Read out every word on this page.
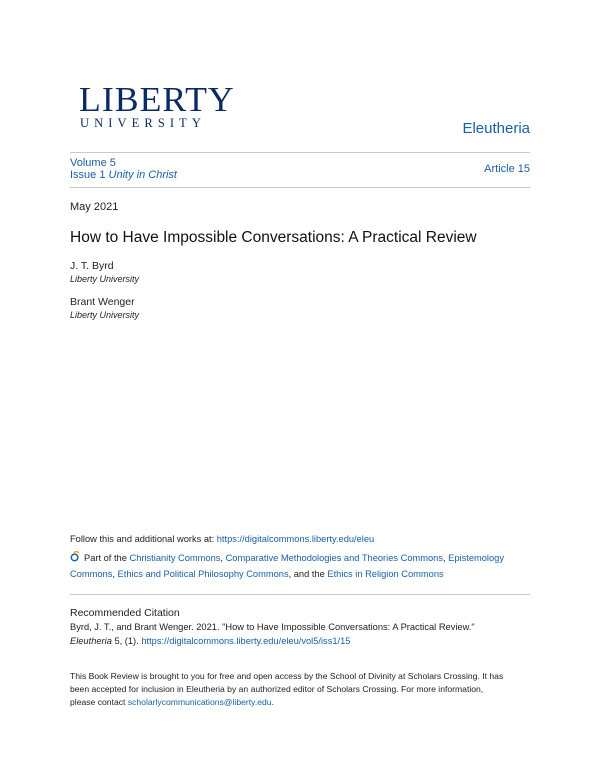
LIBERTY
UNIVERSITY	Eleutheria
Volume 5
Issue 1 Unity in Christ	Article 15
May 2021
How to Have Impossible Conversations: A Practical Review
J. T. Byrd
Liberty University
Brant Wenger
Liberty University
Follow this and additional works at: https://digitalcommons.liberty.edu/eleu
Part of the Christianity Commons, Comparative Methodologies and Theories Commons, Epistemology Commons, Ethics and Political Philosophy Commons, and the Ethics in Religion Commons
Recommended Citation
Byrd, J. T., and Brant Wenger. 2021. "How to Have Impossible Conversations: A Practical Review."
Eleutheria 5, (1). https://digitalcommons.liberty.edu/eleu/vol5/iss1/15
This Book Review is brought to you for free and open access by the School of Divinity at Scholars Crossing. It has
been accepted for inclusion in Eleutheria by an authorized editor of Scholars Crossing. For more information,
please contact scholarlycommunications@liberty.edu.
